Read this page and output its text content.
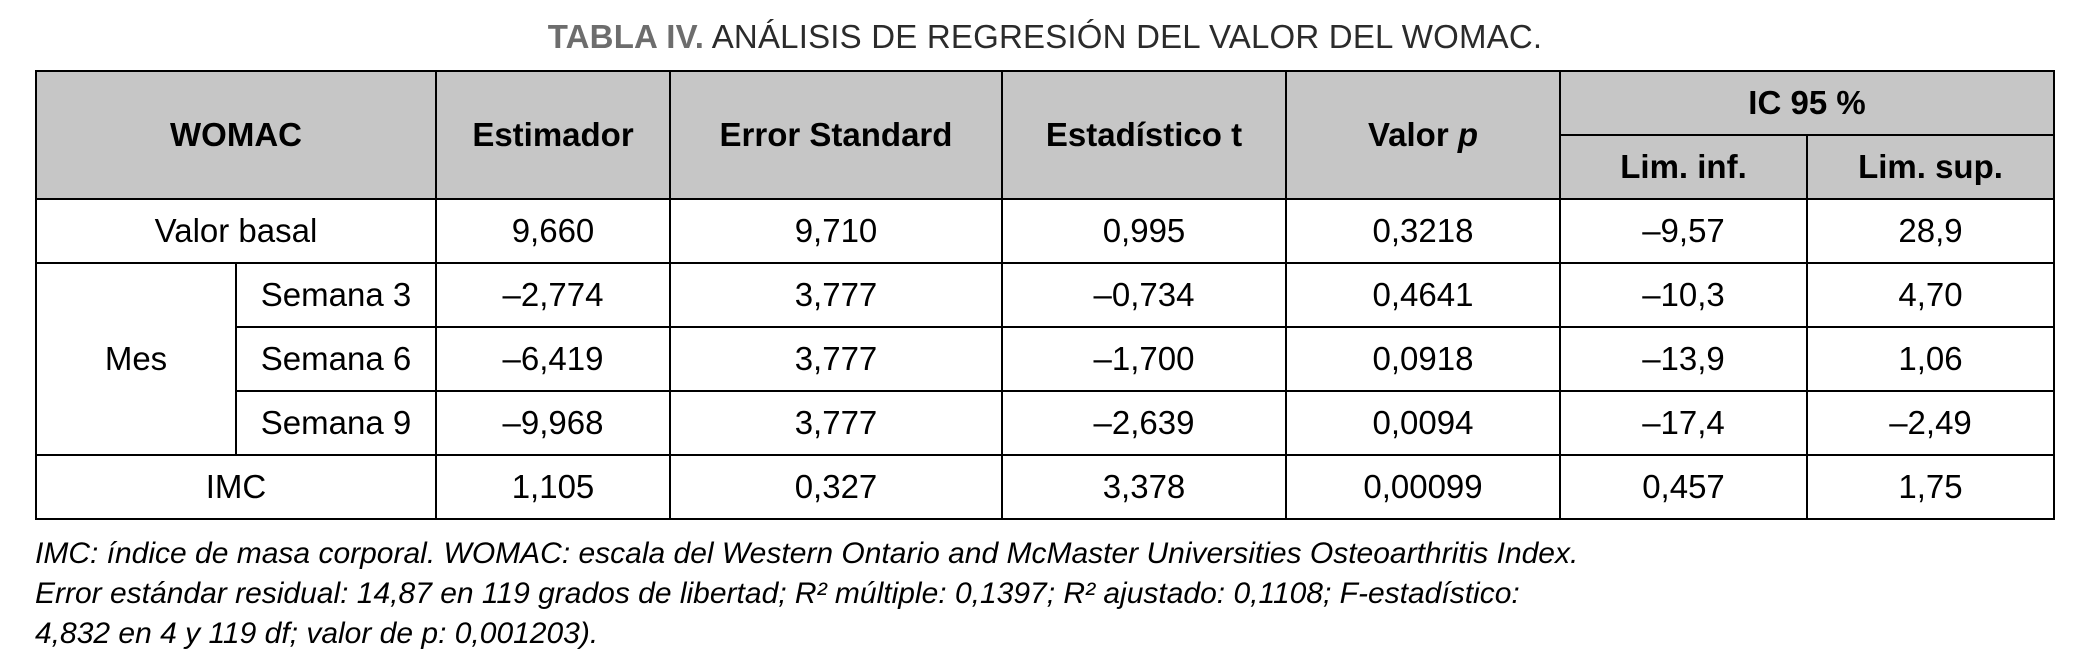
TABLA IV. ANÁLISIS DE REGRESIÓN DEL VALOR DEL WOMAC.
WOMAC		Estimador	Error Standard	Estadístico t	Valor p	IC 95 %	
						Lim. inf.	Lim. sup.
Valor basal		9,660	9,710	0,995	0,3218	–9,57	28,9
Mes	Semana 3	–2,774	3,777	–0,734	0,4641	–10,3	4,70
	Semana 6	–6,419	3,777	–1,700	0,0918	–13,9	1,06
	Semana 9	–9,968	3,777	–2,639	0,0094	–17,4	–2,49
IMC		1,105	0,327	3,378	0,00099	0,457	1,75
IMC: índice de masa corporal. WOMAC: escala del Western Ontario and McMaster Universities Osteoarthritis Index.
Error estándar residual: 14,87 en 119 grados de libertad; R² múltiple: 0,1397; R² ajustado: 0,1108; F-estadístico:
4,832 en 4 y 119 df; valor de p: 0,001203).
